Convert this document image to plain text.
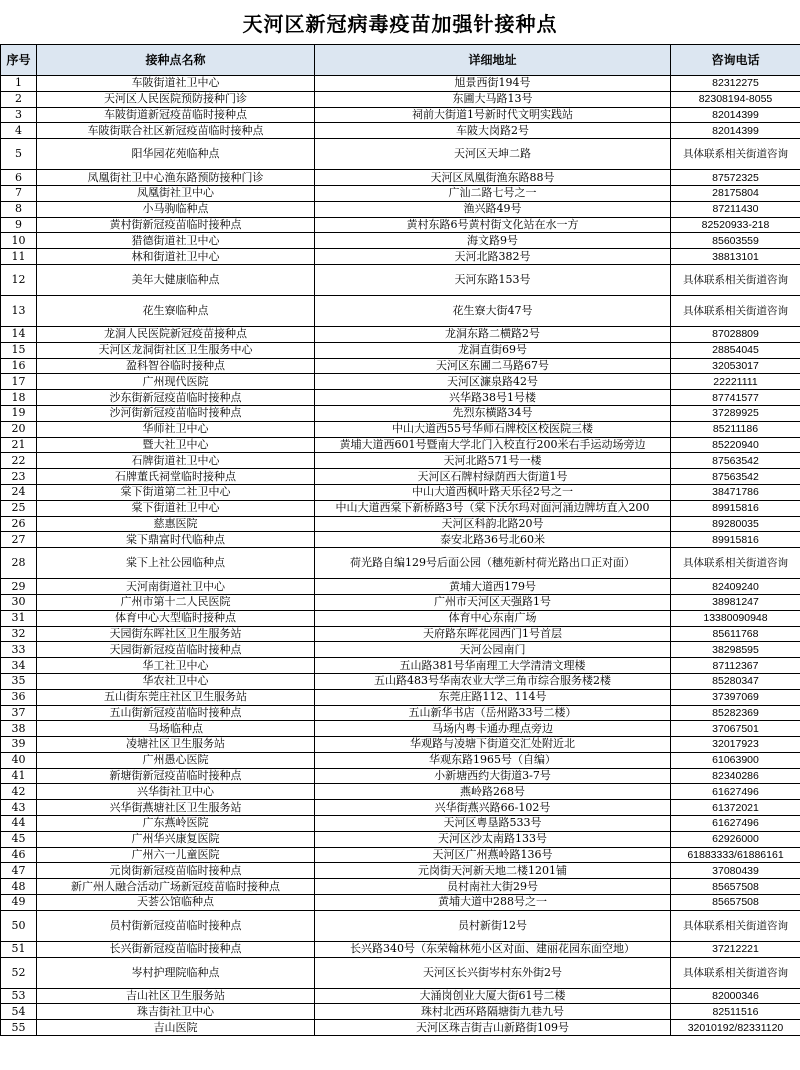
天河区新冠病毒疫苗加强针接种点
序号	接种点名称	详细地址	咨询电话
1	车陂街道社卫中心	旭景西街194号	82312275
2	天河区人民医院预防接种门诊	东圃大马路13号	82308194-8055
3	车陂街道新冠疫苗临时接种点	祠前大街道1号新时代文明实践站	82014399
4	车陂街联合社区新冠疫苗临时接种点	车陂大岗路2号	82014399
5	阳华园花苑临种点	天河区天坤二路	具体联系相关街道咨询
6	凤凰街社卫中心渔东路预防接种门诊	天河区凤凰街渔东路88号	87572325
7	凤凰街社卫中心	广汕二路七号之一	28175804
8	小马驹临种点	渔兴路49号	87211430
9	黄村街新冠疫苗临时接种点	黄村东路6号黄村街文化站在水一方	82520933-218
10	猎德街道社卫中心	海文路9号	85603559
11	林和街道社卫中心	天河北路382号	38813101
12	美年大健康临种点	天河东路153号	具体联系相关街道咨询
13	花生寮临种点	花生寮大街47号	具体联系相关街道咨询
14	龙洞人民医院新冠疫苗接种点	龙洞东路二横路2号	87028809
15	天河区龙洞街社区卫生服务中心	龙洞直街69号	28854045
16	盈科智谷临时接种点	天河区东圃二马路67号	32053017
17	广州现代医院	天河区濂泉路42号	22221111
18	沙东街新冠疫苗临时接种点	兴华路38号1号楼	87741577
19	沙河街新冠疫苗临时接种点	先烈东横路34号	37289925
20	华师社卫中心	中山大道西55号华师石牌校区校医院三楼	85211186
21	暨大社卫中心	黄埔大道西601号暨南大学北门入校直行200米右手运动场旁边	85220940
22	石牌街道社卫中心	天河北路571号一楼	87563542
23	石牌董氏祠堂临时接种点	天河区石牌村绿荫西大街道1号	87563542
24	棠下街道第二社卫中心	中山大道西枫叶路天乐径2号之一	38471786
25	棠下街道社卫中心	中山大道西棠下新桥路3号（棠下沃尔玛对面河涌边牌坊直入200	89915816
26	慈惠医院	天河区科韵北路20号	89280035
27	棠下鼎富时代临种点	泰安北路36号北60米	89915816
28	棠下上社公园临种点	荷光路自编129号后面公园（穗苑新村荷光路出口正对面）	具体联系相关街道咨询
29	天河南街道社卫中心	黄埔大道西179号	82409240
30	广州市第十二人民医院	广州市天河区天强路1号	38981247
31	体育中心大型临时接种点	体育中心东南广场	13380090948
32	天园街东晖社区卫生服务站	天府路东晖花园西门1号首层	85611768
33	天园街新冠疫苗临时接种点	天河公园南门	38298595
34	华工社卫中心	五山路381号华南理工大学清清文理楼	87112367
35	华农社卫中心	五山路483号华南农业大学三角市综合服务楼2楼	85280347
36	五山街东莞庄社区卫生服务站	东莞庄路112、114号	37397069
37	五山街新冠疫苗临时接种点	五山新华书店（岳州路33号二楼）	85282369
38	马场临种点	马场内粤卡通办理点旁边	37067501
39	凌塘社区卫生服务站	华观路与凌塘下街道交汇处附近北	32017923
40	广州愚心医院	华观东路1965号（自编）	61063900
41	新塘街新冠疫苗临时接种点	小新塘西约大街道3-7号	82340286
42	兴华街社卫中心	燕岭路268号	61627496
43	兴华街燕塘社区卫生服务站	兴华街燕兴路66-102号	61372021
44	广东燕岭医院	天河区粤垦路533号	61627496
45	广州华兴康复医院	天河区沙太南路133号	62926000
46	广州六一儿童医院	天河区广州燕岭路136号	61883333/61886161
47	元岗街新冠疫苗临时接种点	元岗街天河新天地二楼1201铺	37080439
48	新广州人融合活动广场新冠疫苗临时接种点	员村南社大街29号	85657508
49	天荟公馆临种点	黄埔大道中288号之一	85657508
50	员村街新冠疫苗临时接种点	员村新街12号	具体联系相关街道咨询
51	长兴街新冠疫苗临时接种点	长兴路340号（东荣翰林苑小区对面、建丽花园东面空地）	37212221
52	岑村护理院临种点	天河区长兴街岑村东外街2号	具体联系相关街道咨询
53	吉山社区卫生服务站	大涌岗创业大厦大街61号二楼	82000346
54	珠吉街社卫中心	珠村北西环路隔塘街九巷九号	82511516
55	吉山医院	天河区珠吉街吉山新路街109号	32010192/82331120
